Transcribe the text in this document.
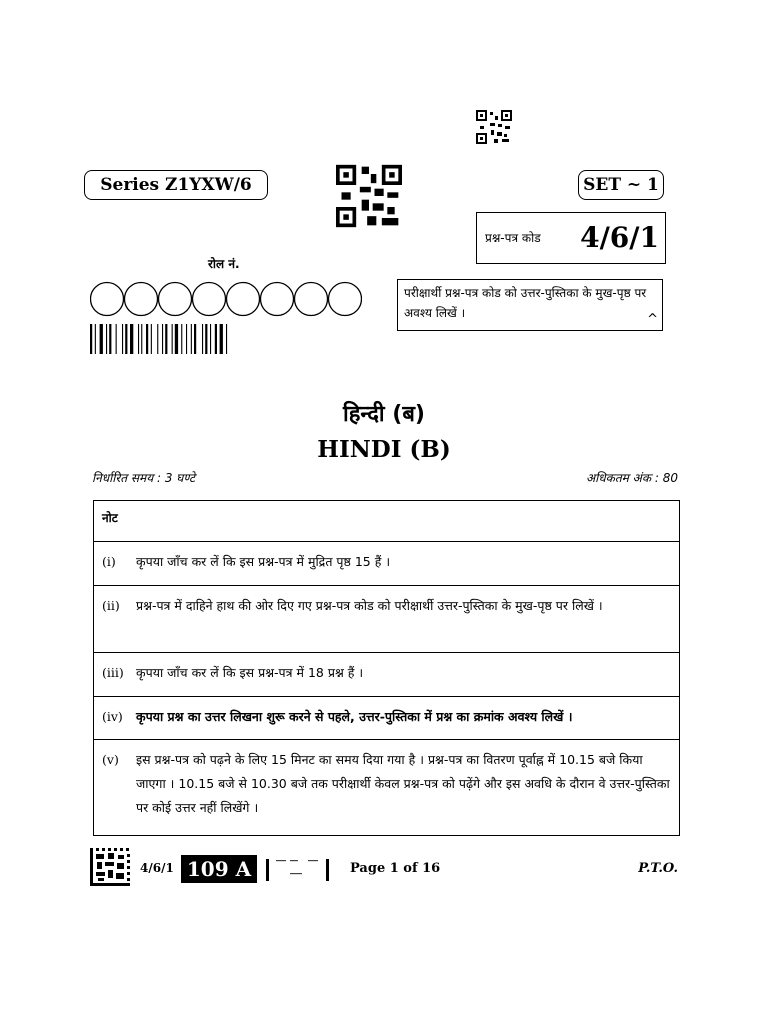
Series Z1YXW/6	SET ~ 1
प्रश्न-पत्र कोड 4/6/1
रोल नं.
परीक्षार्थी प्रश्न-पत्र कोड को उत्तर-पुस्तिका के मुख-पृष्ठ पर अवश्य लिखें ।	^
हिन्दी (ब)
HINDI (B)
निर्धारित समय : 3 घण्टे	अधिकतम अंक : 80
नोट
(i)	कृपया जाँच कर लें कि इस प्रश्न-पत्र में मुद्रित पृष्ठ 15 हैं ।
(ii)	प्रश्न-पत्र में दाहिने हाथ की ओर दिए गए प्रश्न-पत्र कोड को परीक्षार्थी उत्तर-पुस्तिका के मुख-पृष्ठ पर लिखें ।
(iii) कृपया जाँच कर लें कि इस प्रश्न-पत्र में 18 प्रश्न हैं ।
(iv)	कृपया प्रश्न का उत्तर लिखना शुरू करने से पहले, उत्तर-पुस्तिका में प्रश्न का क्रमांक अवश्य लिखें ।
(v)	इस प्रश्न-पत्र को पढ़ने के लिए 15 मिनट का समय दिया गया है । प्रश्न-पत्र का वितरण पूर्वाह्न में 10.15 बजे किया जाएगा । 10.15 बजे से 10.30 बजे तक परीक्षार्थी केवल प्रश्न-पत्र को पढ़ेंगे और इस अवधि के दौरान वे उत्तर-पुस्तिका पर कोई उत्तर नहीं लिखेंगे ।
4/6/1 109 A	Page 1 of 16	P.T.O.
